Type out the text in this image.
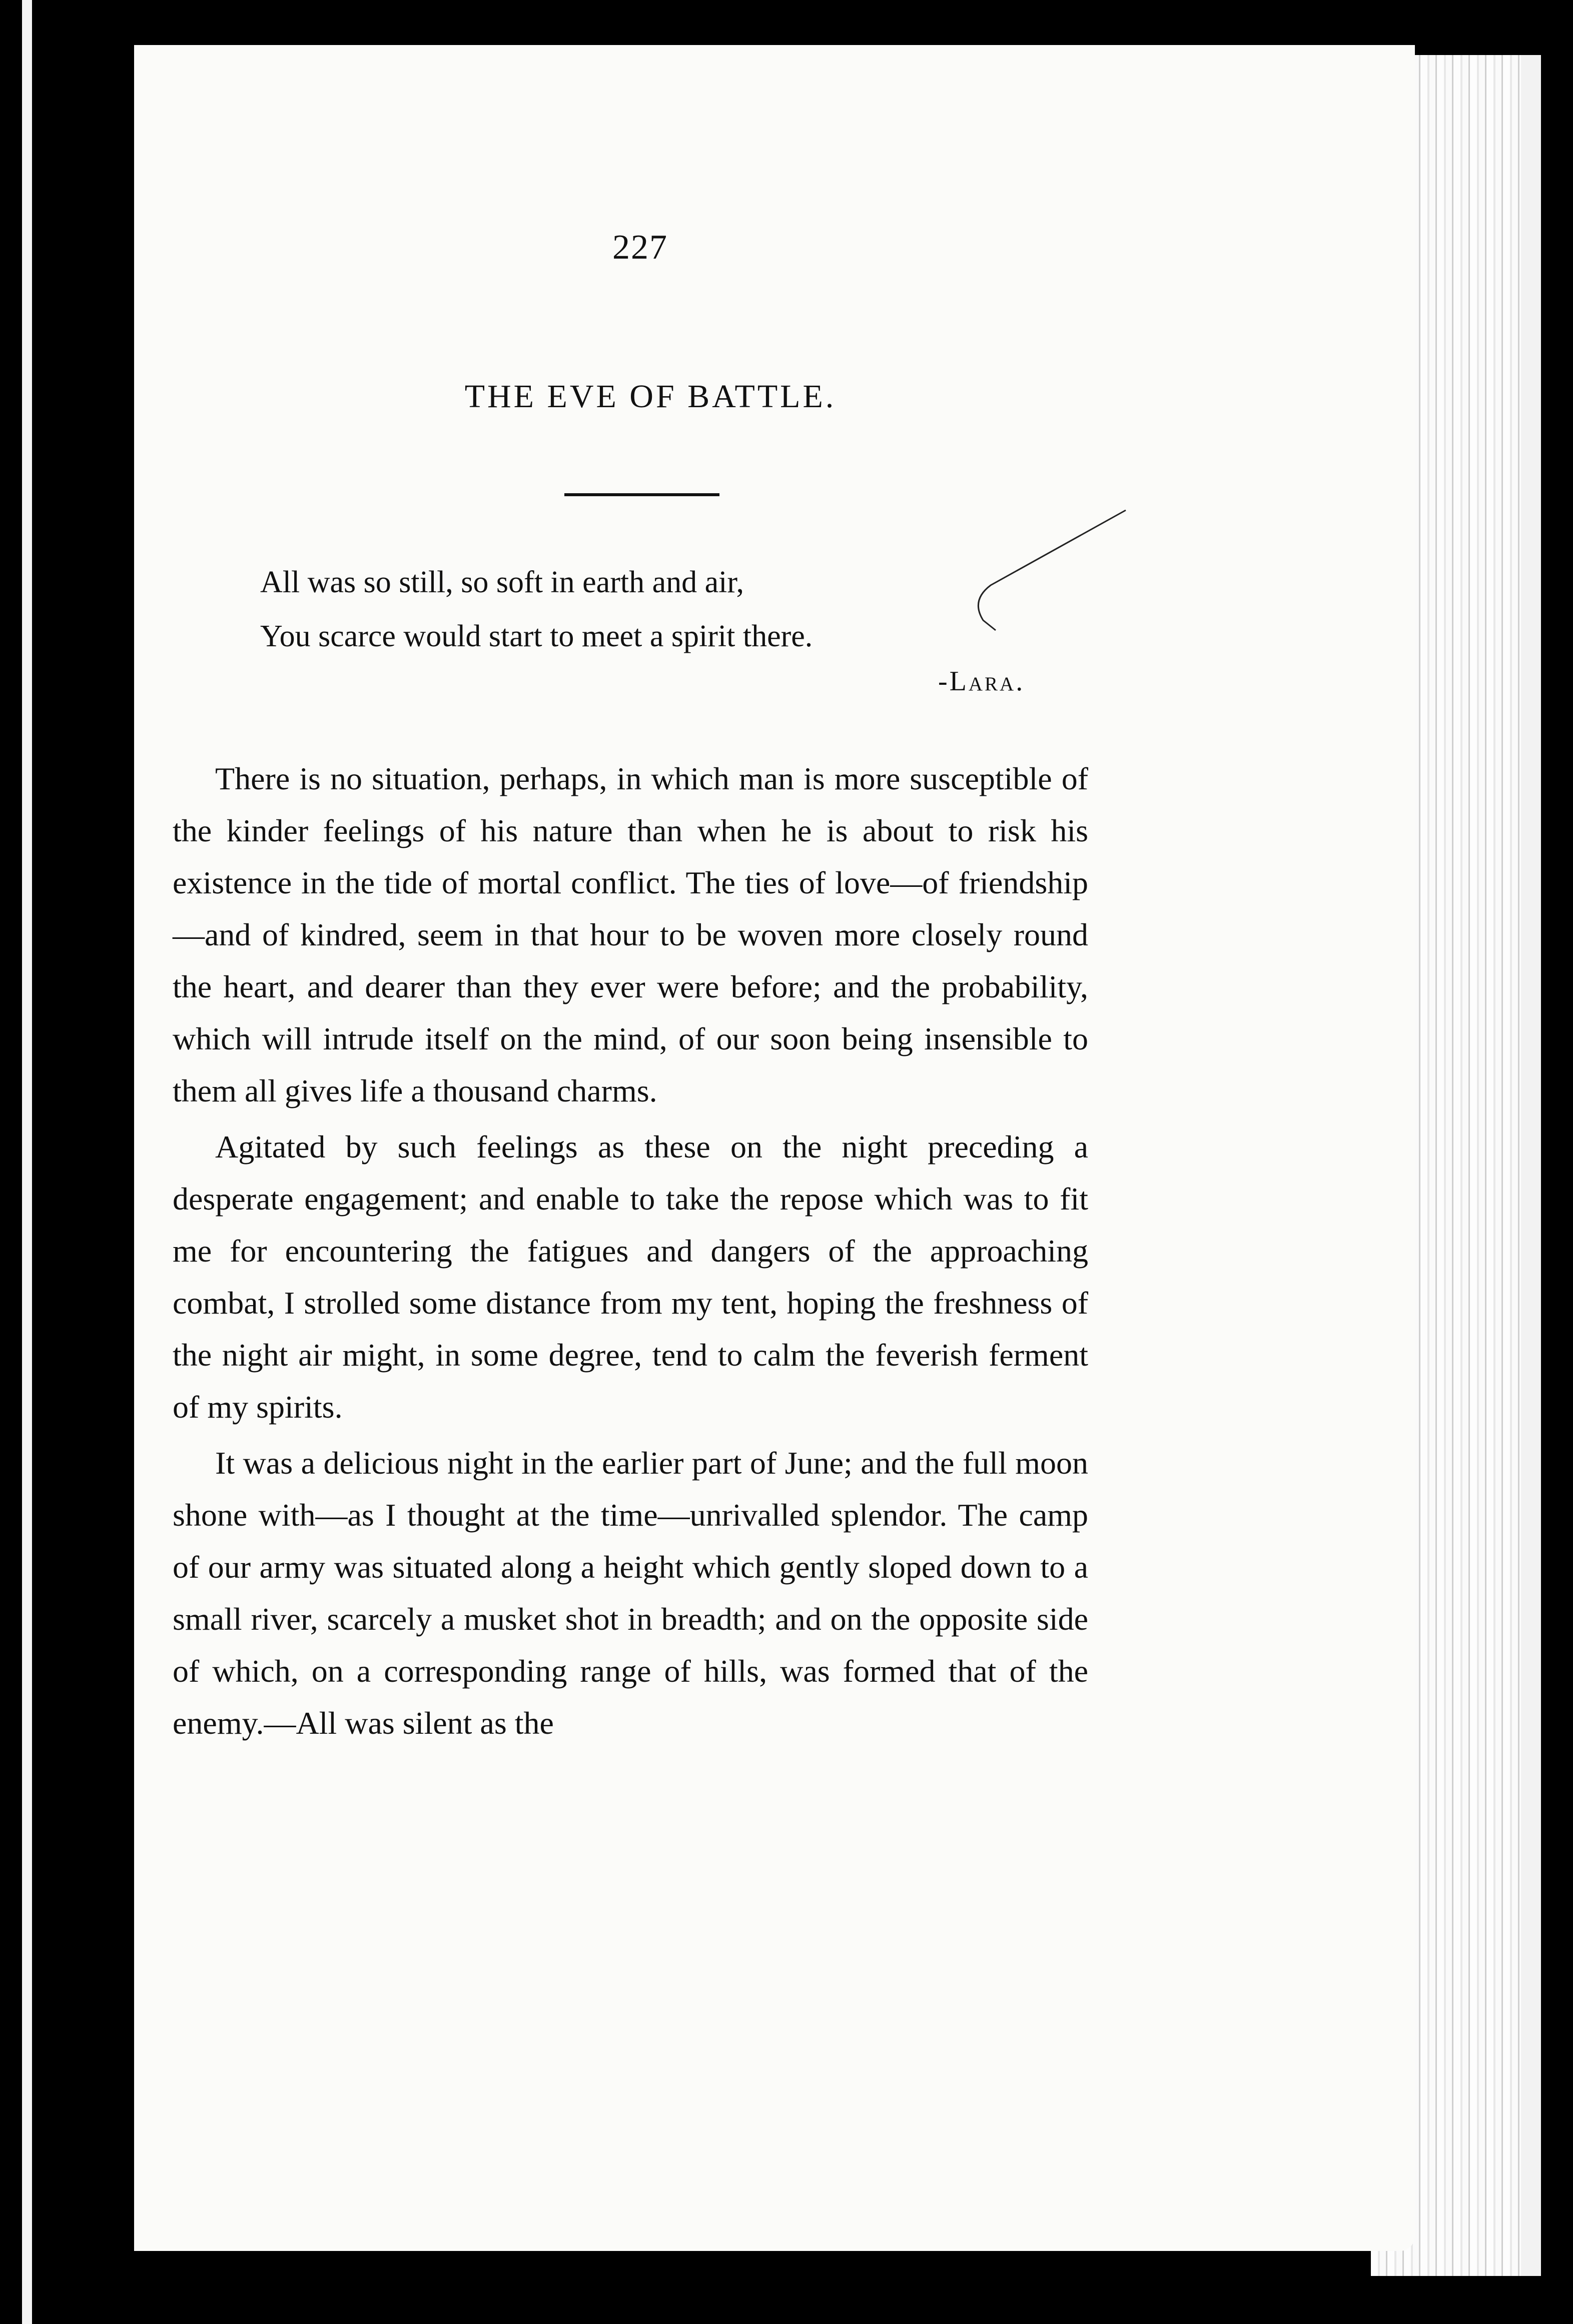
227
THE EVE OF BATTLE.
All was so still, so soft in earth and air,
You scarce would start to meet a spirit there.
-Lara.

There is no situation, perhaps, in which man is more susceptible of the kinder feelings of his nature than when he is about to risk his existence in the tide of mortal conflict. The ties of love—of friendship—and of kindred, seem in that hour to be woven more closely round the heart, and dearer than they ever were before; and the probability, which will intrude itself on the mind, of our soon being insensible to them all gives life a thousand charms.

Agitated by such feelings as these on the night preceding a desperate engagement; and enable to take the repose which was to fit me for encountering the fatigues and dangers of the approaching combat, I strolled some distance from my tent, hoping the freshness of the night air might, in some degree, tend to calm the feverish ferment of my spirits.

It was a delicious night in the earlier part of June; and the full moon shone with—as I thought at the time—unrivalled splendor. The camp of our army was situated along a height which gently sloped down to a small river, scarcely a musket shot in breadth; and on the opposite side of which, on a corresponding range of hills, was formed that of the enemy.—All was silent as the
